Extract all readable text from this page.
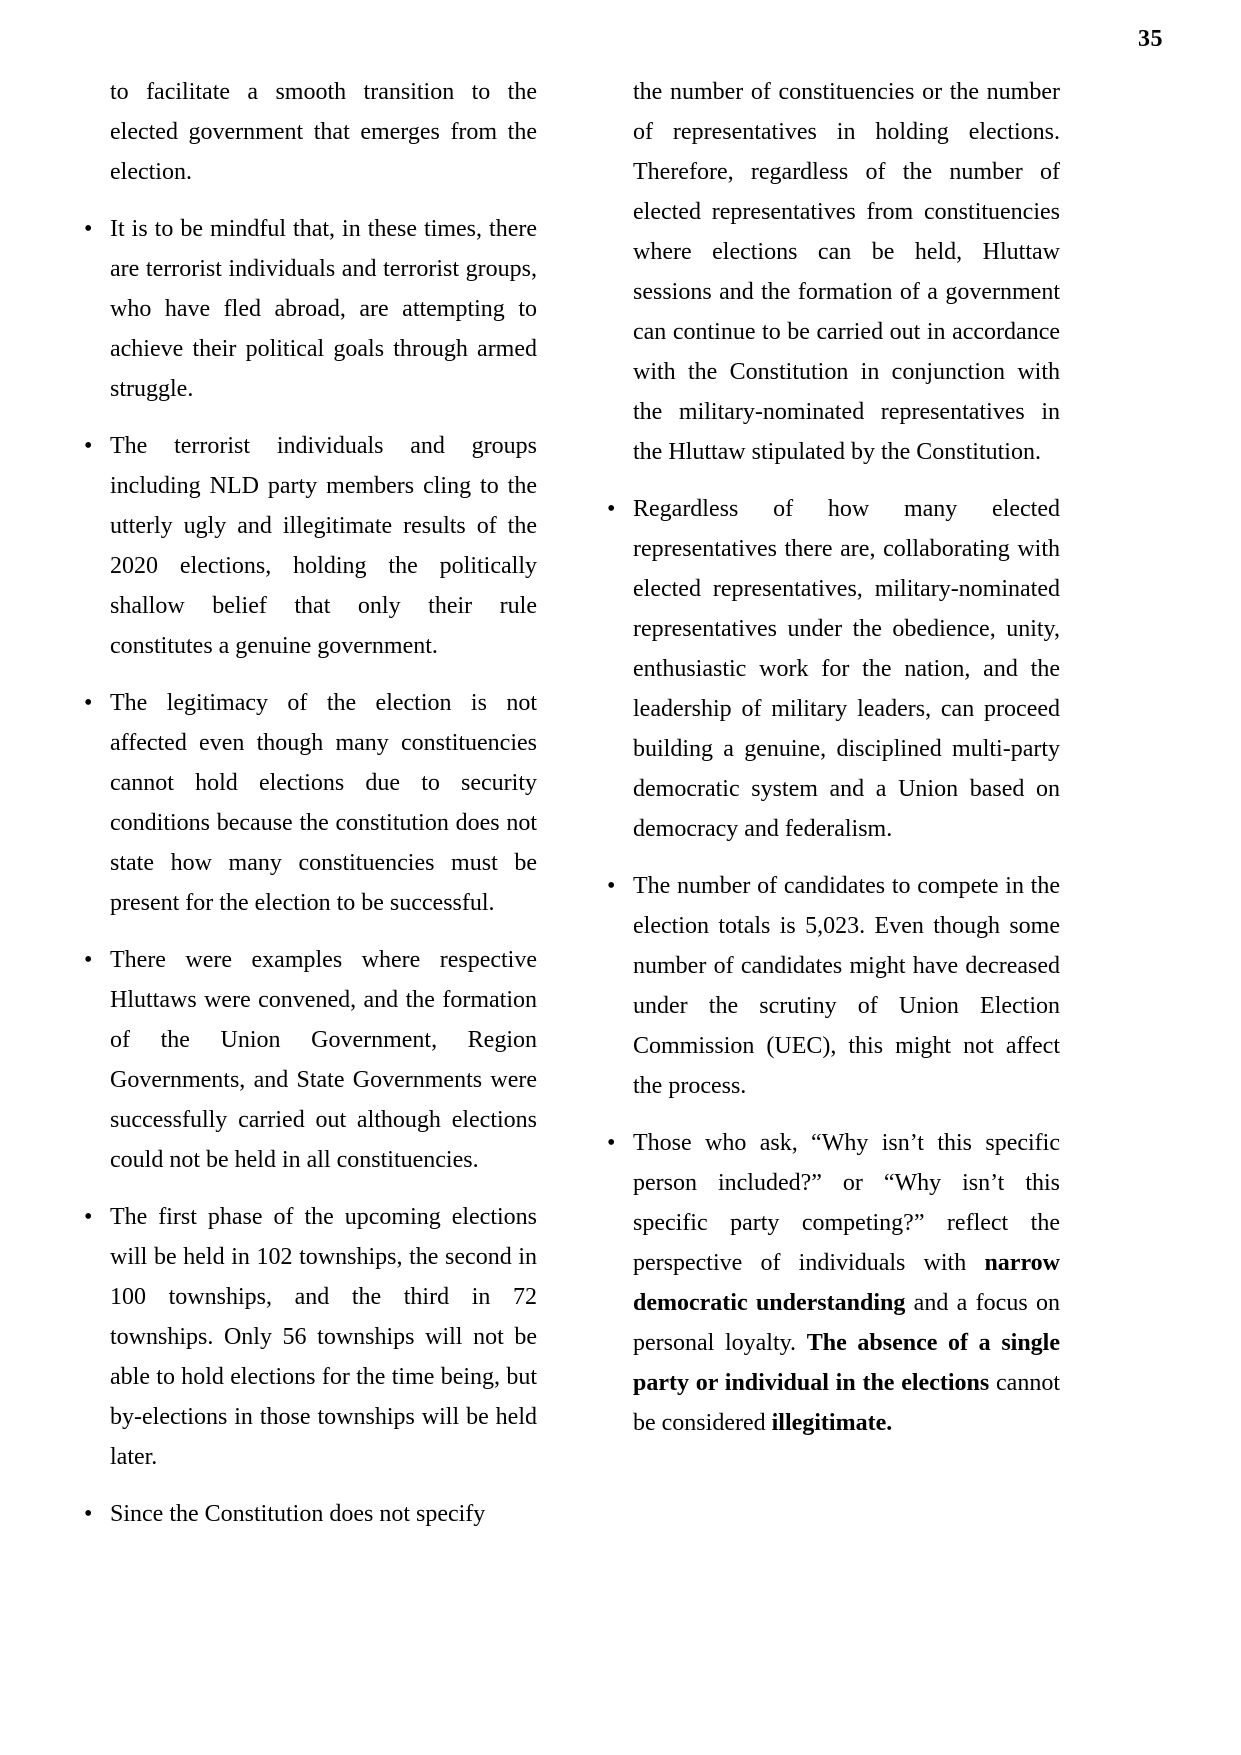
35
to facilitate a smooth transition to the elected government that emerges from the election.
• It is to be mindful that, in these times, there are terrorist individuals and terrorist groups, who have fled abroad, are attempting to achieve their political goals through armed struggle.
• The terrorist individuals and groups including NLD party members cling to the utterly ugly and illegitimate results of the 2020 elections, holding the politically shallow belief that only their rule constitutes a genuine government.
• The legitimacy of the election is not affected even though many constituencies cannot hold elections due to security conditions because the constitution does not state how many constituencies must be present for the election to be successful.
• There were examples where respective Hluttaws were convened, and the formation of the Union Government, Region Governments, and State Governments were successfully carried out although elections could not be held in all constituencies.
• The first phase of the upcoming elections will be held in 102 townships, the second in 100 townships, and the third in 72 townships. Only 56 townships will not be able to hold elections for the time being, but by-elections in those townships will be held later.
• Since the Constitution does not specify
the number of constituencies or the number of representatives in holding elections. Therefore, regardless of the number of elected representatives from constituencies where elections can be held, Hluttaw sessions and the formation of a government can continue to be carried out in accordance with the Constitution in conjunction with the military-nominated representatives in the Hluttaw stipulated by the Constitution.
• Regardless of how many elected representatives there are, collaborating with elected representatives, military-nominated representatives under the obedience, unity, enthusiastic work for the nation, and the leadership of military leaders, can proceed building a genuine, disciplined multi-party democratic system and a Union based on democracy and federalism.
• The number of candidates to compete in the election totals is 5,023. Even though some number of candidates might have decreased under the scrutiny of Union Election Commission (UEC), this might not affect the process.
• Those who ask, “Why isn’t this specific person included?” or “Why isn’t this specific party competing?” reflect the perspective of individuals with narrow democratic understanding and a focus on personal loyalty. The absence of a single party or individual in the elections cannot be considered illegitimate.
